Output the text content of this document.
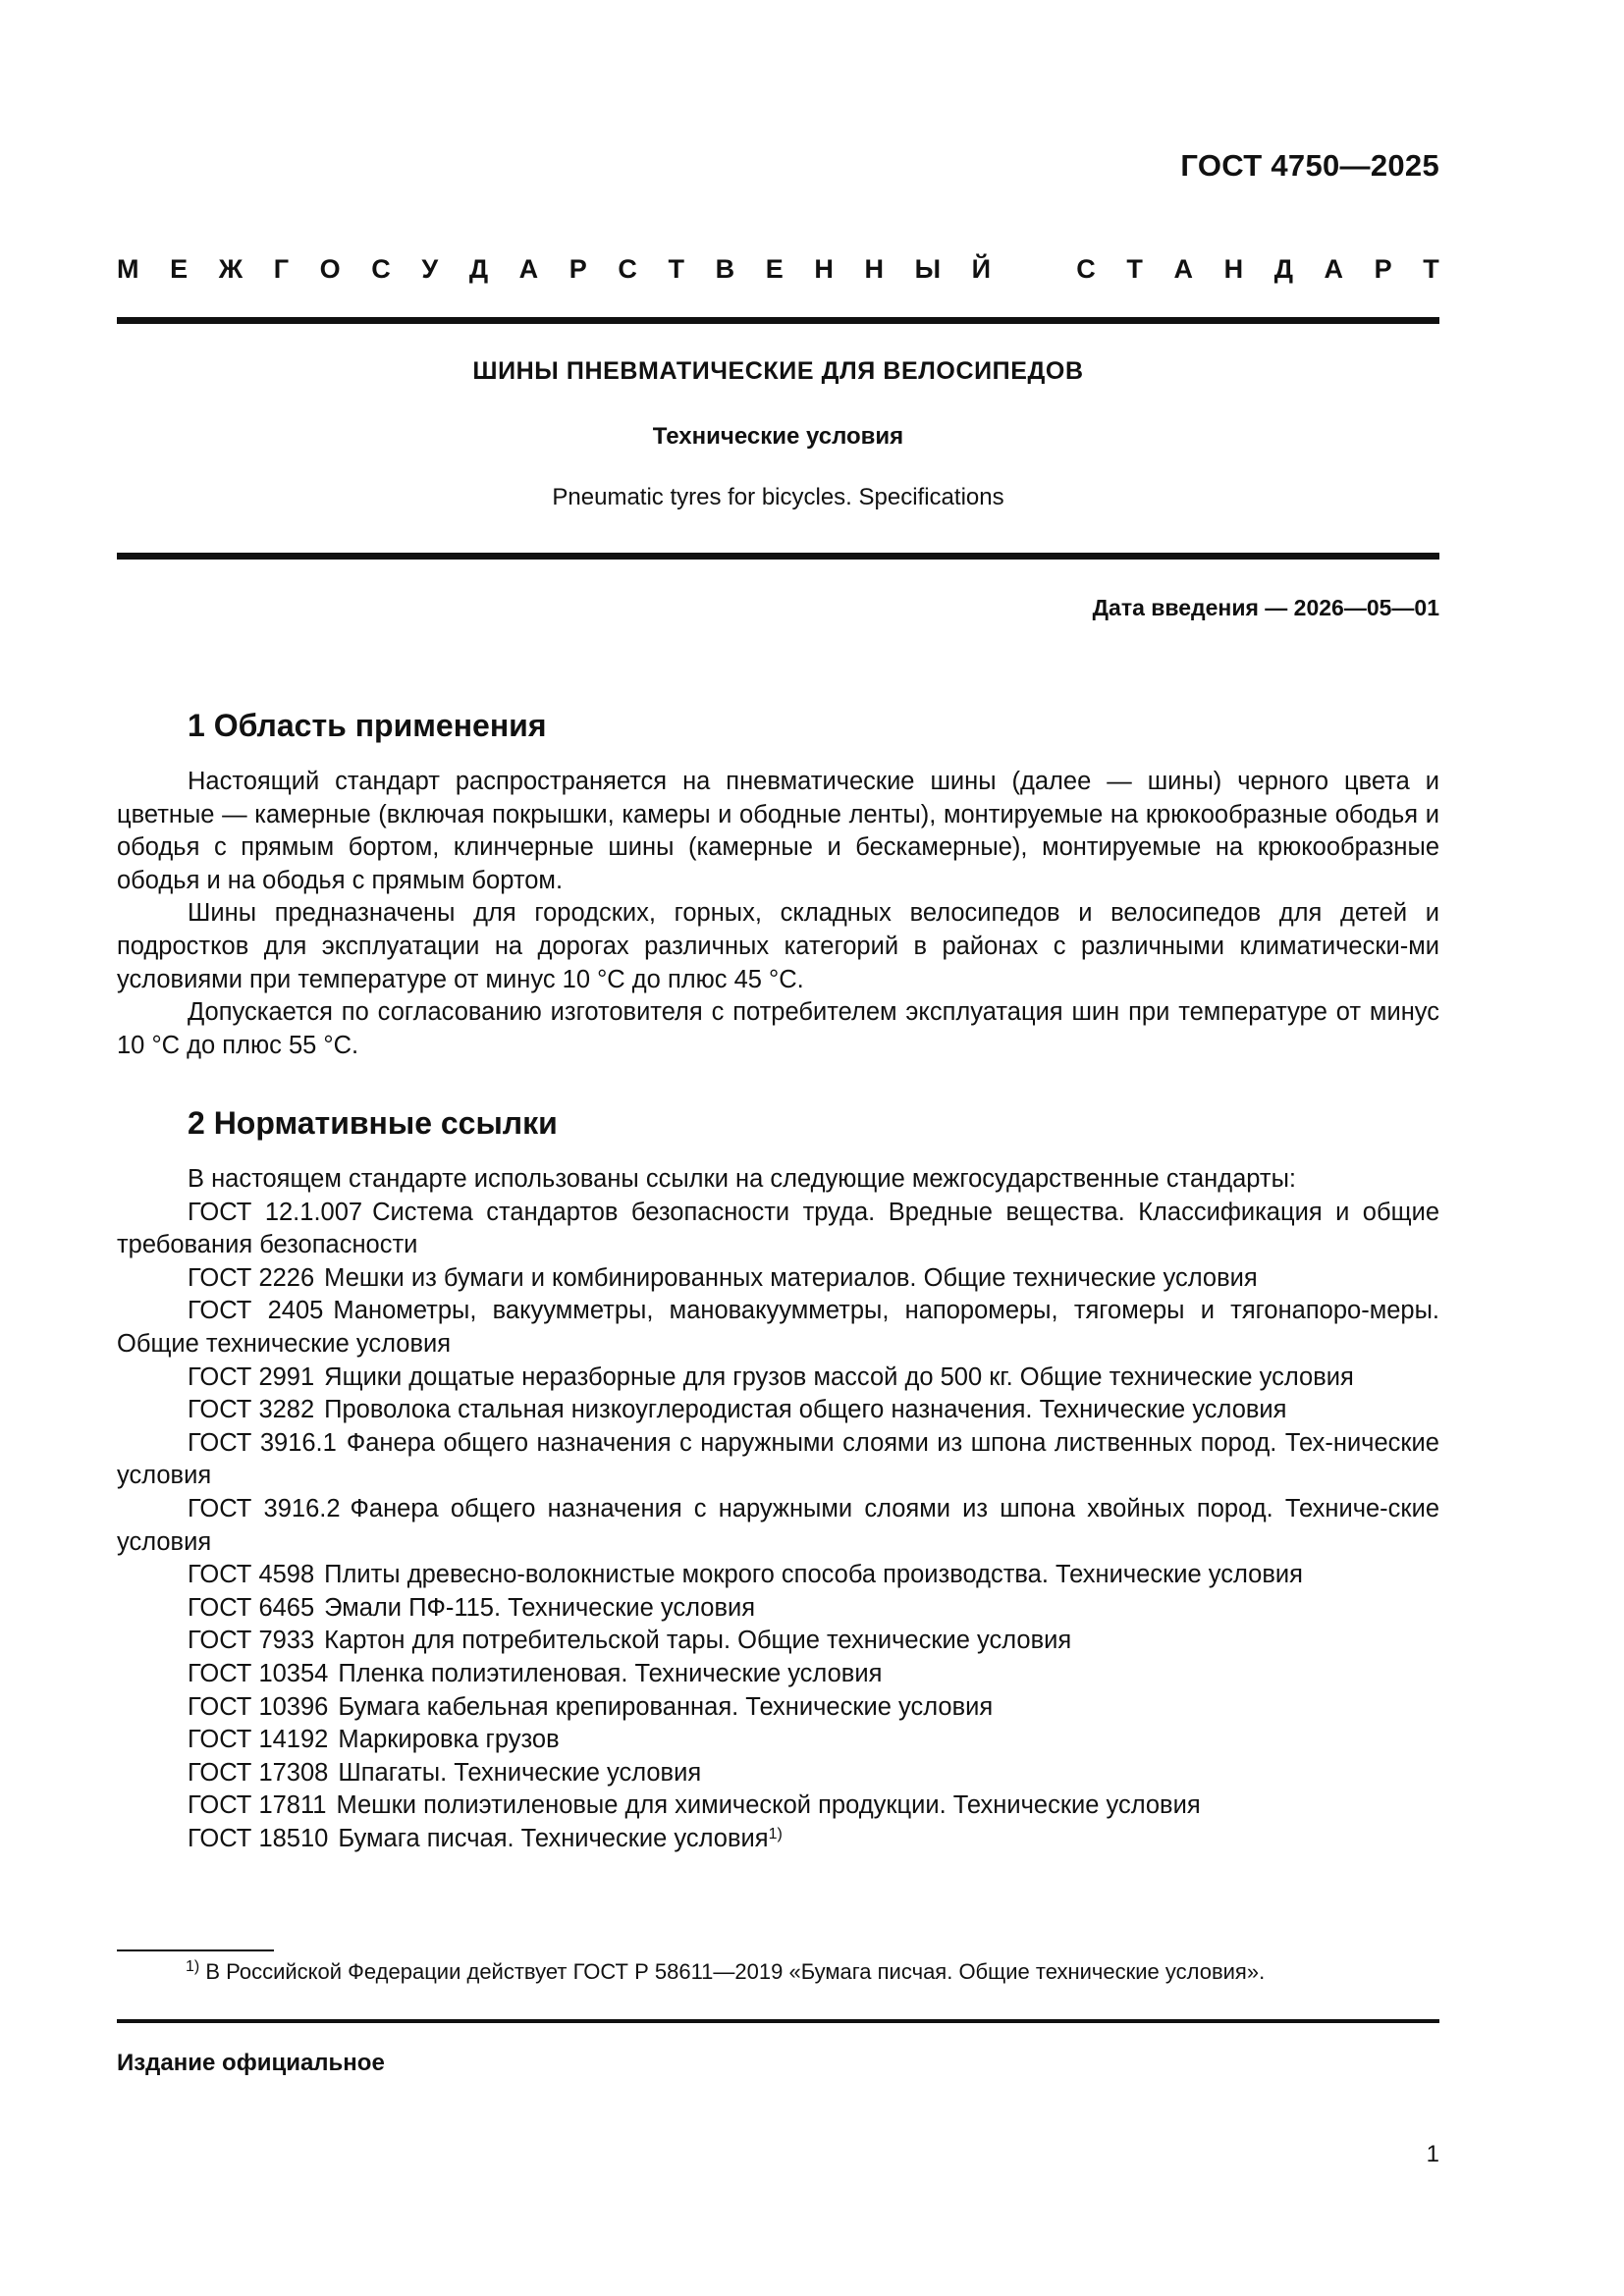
ГОСТ 4750—2025
М Е Ж Г О С У Д А Р С Т В Е Н Н Ы Й	С Т А Н Д А Р Т
ШИНЫ ПНЕВМАТИЧЕСКИЕ ДЛЯ ВЕЛОСИПЕДОВ
Технические условия
Pneumatic tyres for bicycles. Specifications
Дата введения — 2026—05—01
1 Область применения

Настоящий стандарт распространяется на пневматические шины (далее — шины) черного цвета и цветные — камерные (включая покрышки, камеры и ободные ленты), монтируемые на крюкообразные ободья и ободья с прямым бортом, клинчерные шины (камерные и бескамерные), монтируемые на крюкообразные ободья и на ободья с прямым бортом.

Шины предназначены для городских, горных, складных велосипедов и велосипедов для детей и подростков для эксплуатации на дорогах различных категорий в районах с различными климатически-ми условиями при температуре от минус 10 °С до плюс 45 °С.

Допускается по согласованию изготовителя с потребителем эксплуатация шин при температуре от минус 10 °С до плюс 55 °С.

2 Нормативные ссылки

В настоящем стандарте использованы ссылки на следующие межгосударственные стандарты:

ГОСТ 12.1.007 Система стандартов безопасности труда. Вредные вещества. Классификация и общие требования безопасности

ГОСТ 2226 Мешки из бумаги и комбинированных материалов. Общие технические условия

ГОСТ 2405 Манометры, вакуумметры, мановакуумметры, напоромеры, тягомеры и тягонапоро-меры. Общие технические условия

ГОСТ 2991 Ящики дощатые неразборные для грузов массой до 500 кг. Общие технические условия

ГОСТ 3282 Проволока стальная низкоуглеродистая общего назначения. Технические условия

ГОСТ 3916.1 Фанера общего назначения с наружными слоями из шпона лиственных пород. Тех-нические условия

ГОСТ 3916.2 Фанера общего назначения с наружными слоями из шпона хвойных пород. Техниче-ские условия

ГОСТ 4598 Плиты древесно-волокнистые мокрого способа производства. Технические условия

ГОСТ 6465 Эмали ПФ-115. Технические условия

ГОСТ 7933 Картон для потребительской тары. Общие технические условия

ГОСТ 10354 Пленка полиэтиленовая. Технические условия

ГОСТ 10396 Бумага кабельная крепированная. Технические условия

ГОСТ 14192 Маркировка грузов

ГОСТ 17308 Шпагаты. Технические условия

ГОСТ 17811 Мешки полиэтиленовые для химической продукции. Технические условия

ГОСТ 18510 Бумага писчая. Технические условия$^{1)}$

$^{1)}$ В Российской Федерации действует ГОСТ Р 58611—2019 «Бумага писчая. Общие технические условия».
Издание официальное
1
